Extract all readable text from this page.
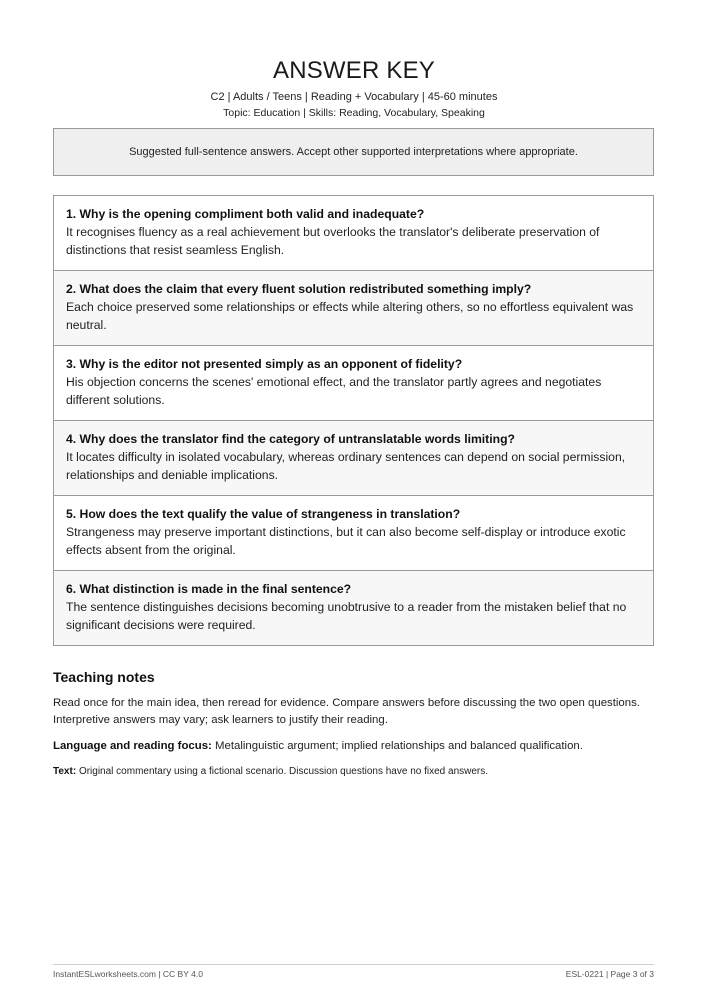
ANSWER KEY
C2 | Adults / Teens | Reading + Vocabulary | 45-60 minutes
Topic: Education | Skills: Reading, Vocabulary, Speaking
Suggested full-sentence answers. Accept other supported interpretations where appropriate.
1. Why is the opening compliment both valid and inadequate?
It recognises fluency as a real achievement but overlooks the translator's deliberate preservation of distinctions that resist seamless English.
2. What does the claim that every fluent solution redistributed something imply?
Each choice preserved some relationships or effects while altering others, so no effortless equivalent was neutral.
3. Why is the editor not presented simply as an opponent of fidelity?
His objection concerns the scenes' emotional effect, and the translator partly agrees and negotiates different solutions.
4. Why does the translator find the category of untranslatable words limiting?
It locates difficulty in isolated vocabulary, whereas ordinary sentences can depend on social permission, relationships and deniable implications.
5. How does the text qualify the value of strangeness in translation?
Strangeness may preserve important distinctions, but it can also become self-display or introduce exotic effects absent from the original.
6. What distinction is made in the final sentence?
The sentence distinguishes decisions becoming unobtrusive to a reader from the mistaken belief that no significant decisions were required.
Teaching notes
Read once for the main idea, then reread for evidence. Compare answers before discussing the two open questions. Interpretive answers may vary; ask learners to justify their reading.
Language and reading focus: Metalinguistic argument; implied relationships and balanced qualification.
Text: Original commentary using a fictional scenario. Discussion questions have no fixed answers.
InstantESLworksheets.com | CC BY 4.0	ESL-0221 | Page 3 of 3
